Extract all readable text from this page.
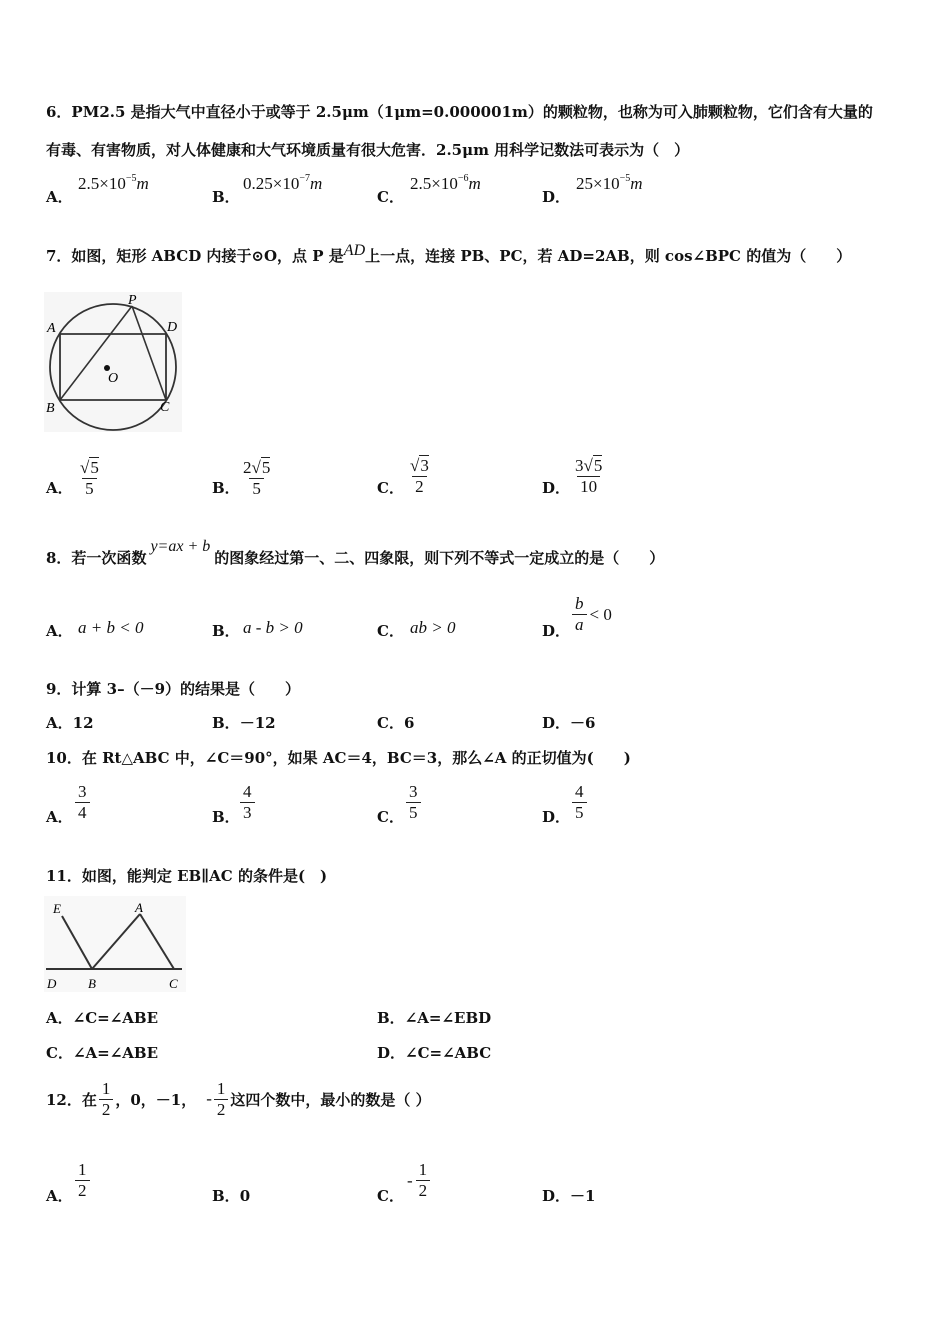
6．PM2.5 是指大气中直径小于或等于 2.5μm（1μm=0.000001m）的颗粒物，也称为可入肺颗粒物，它们含有大量的
有毒、有害物质，对人体健康和大气环境质量有很大危害．2.5μm 用科学记数法可表示为（　）
A．
$2.5\times 10^{-5}m$
B．
$0.25\times 10^{-7}m$
C．
$2.5\times 10^{-6}m$
D．
$25\times 10^{-5}m$
7．如图，矩形 ABCD 内接于⊙O，点 P 是AD上一点，连接 PB、PC，若 AD=2AB，则 cos∠BPC 的值为（　　）
A	D
P
B	C
O
A． $\frac{√5}{5}$	B． $\frac{2√5}{5}$	C． $\frac{√3}{2}$	D． $\frac{3√5}{10}$
8．若一次函数y=ax + b的图象经过第一、二、四象限，则下列不等式一定成立的是（　　）
A． a + b < 0	B． a - b > 0	C． ab > 0	D． $\frac{b}{a} < 0$
9．计算 3–（－9）的结果是（　　）
A．12	B．－12	C．6	D．－6
10．在 Rt△ABC 中，∠C＝90°，如果 AC＝4，BC＝3，那么∠A 的正切值为(　　)
A． $\frac{3}{4}$	B． $\frac{4}{3}$	C． $\frac{3}{5}$	D． $\frac{4}{5}$
11．如图，能判定 EB∥AC 的条件是(　)
E	A
D B	C
A．∠C=∠ABE	B．∠A=∠EBD
C．∠A=∠ABE	D．∠C=∠ABC
12．在 $\frac{1}{2}$ ，0，－1， - $\frac{1}{2}$ 这四个数中，最小的数是（ ）
A． $\frac{1}{2}$	B．0	C．
- $\frac{1}{2}$	D．－1
